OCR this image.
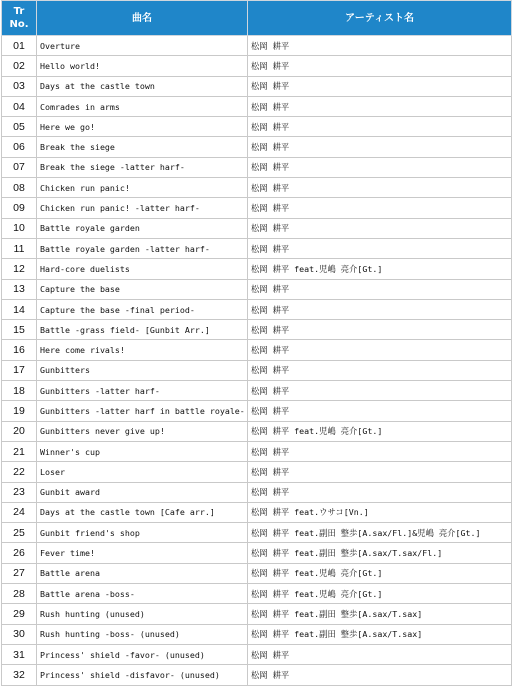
Tr
No.	曲名	アーティスト名
01	Overture	松岡 耕平
02	Hello world!	松岡 耕平
03	Days at the castle town	松岡 耕平
04	Comrades in arms	松岡 耕平
05	Here we go!	松岡 耕平
06	Break the siege	松岡 耕平
07	Break the siege -latter harf-	松岡 耕平
08	Chicken run panic!	松岡 耕平
09	Chicken run panic! -latter harf-	松岡 耕平
10	Battle royale garden	松岡 耕平
11	Battle royale garden -latter harf-	松岡 耕平
12	Hard-core duelists	松岡 耕平 feat.児嶋 亮介[Gt.]
13	Capture the base	松岡 耕平
14	Capture the base -final period-	松岡 耕平
15	Battle -grass field- [Gunbit Arr.]	松岡 耕平
16	Here come rivals!	松岡 耕平
17	Gunbitters	松岡 耕平
18	Gunbitters -latter harf-	松岡 耕平
19	Gunbitters -latter harf in battle royale-	松岡 耕平
20	Gunbitters never give up!	松岡 耕平 feat.児嶋 亮介[Gt.]
21	Winner's cup	松岡 耕平
22	Loser	松岡 耕平
23	Gunbit award	松岡 耕平
24	Days at the castle town [Cafe arr.]	松岡 耕平 feat.ウサコ[Vn.]
25	Gunbit friend's shop	松岡 耕平 feat.副田 整歩[A.sax/Fl.]&児嶋 亮介[Gt.]
26	Fever time!	松岡 耕平 feat.副田 整歩[A.sax/T.sax/Fl.]
27	Battle arena	松岡 耕平 feat.児嶋 亮介[Gt.]
28	Battle arena -boss-	松岡 耕平 feat.児嶋 亮介[Gt.]
29	Rush hunting (unused)	松岡 耕平 feat.副田 整歩[A.sax/T.sax]
30	Rush hunting -boss- (unused)	松岡 耕平 feat.副田 整歩[A.sax/T.sax]
31	Princess' shield -favor- (unused)	松岡 耕平
32	Princess' shield -disfavor- (unused)	松岡 耕平
